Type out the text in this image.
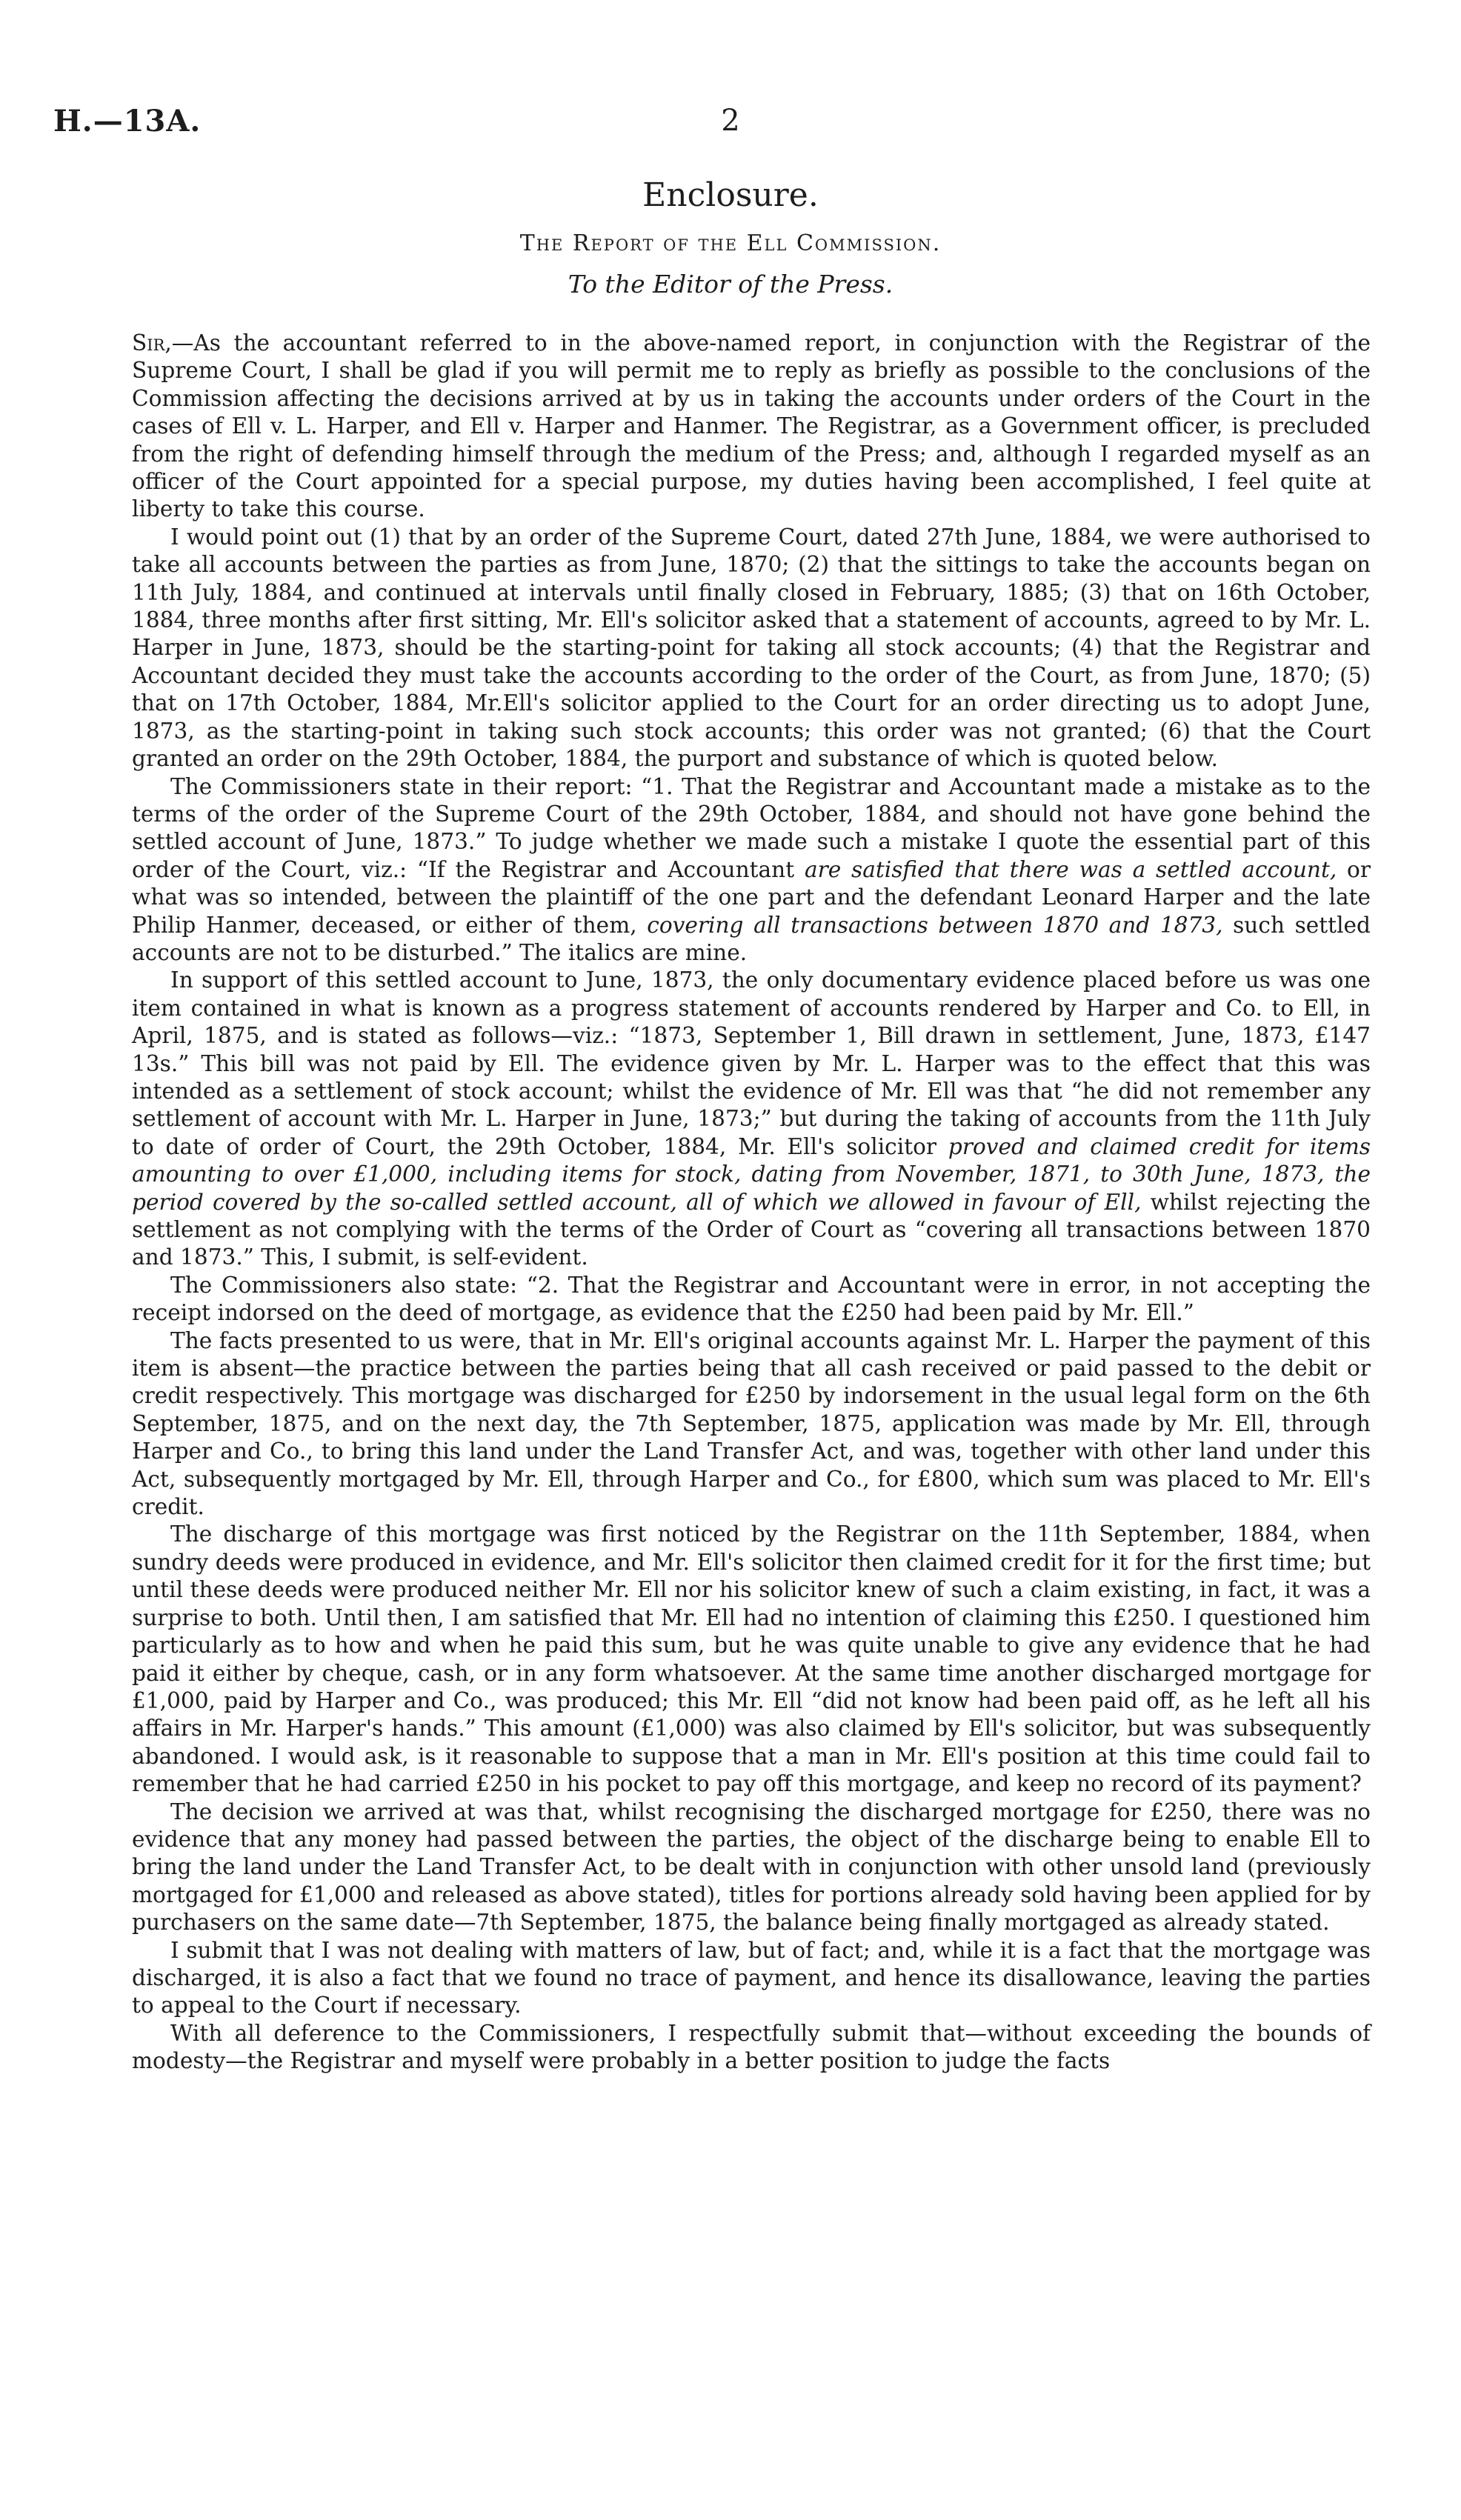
H.—13A.	2
Enclosure.
The Report of the Ell Commission.
To the Editor of the Press.

Sir,—As the accountant referred to in the above-named report, in conjunction with the Registrar of the Supreme Court, I shall be glad if you will permit me to reply as briefly as possible to the conclusions of the Commission affecting the decisions arrived at by us in taking the accounts under orders of the Court in the cases of Ell v. L. Harper, and Ell v. Harper and Hanmer. The Registrar, as a Government officer, is precluded from the right of defending himself through the medium of the Press; and, although I regarded myself as an officer of the Court appointed for a special purpose, my duties having been accomplished, I feel quite at liberty to take this course.

I would point out (1) that by an order of the Supreme Court, dated 27th June, 1884, we were authorised to take all accounts between the parties as from June, 1870; (2) that the sittings to take the accounts began on 11th July, 1884, and continued at intervals until finally closed in February, 1885; (3) that on 16th October, 1884, three months after first sitting, Mr. Ell's solicitor asked that a statement of accounts, agreed to by Mr. L. Harper in June, 1873, should be the starting-point for taking all stock accounts; (4) that the Registrar and Accountant decided they must take the accounts according to the order of the Court, as from June, 1870; (5) that on 17th October, 1884, Mr.Ell's solicitor applied to the Court for an order directing us to adopt June, 1873, as the starting-point in taking such stock accounts; this order was not granted; (6) that the Court granted an order on the 29th October, 1884, the purport and substance of which is quoted below.

The Commissioners state in their report: “1. That the Registrar and Accountant made a mistake as to the terms of the order of the Supreme Court of the 29th October, 1884, and should not have gone behind the settled account of June, 1873.” To judge whether we made such a mistake I quote the essential part of this order of the Court, viz.: “If the Registrar and Accountant are satisfied that there was a settled account, or what was so intended, between the plaintiff of the one part and the defendant Leonard Harper and the late Philip Hanmer, deceased, or either of them, covering all transactions between 1870 and 1873, such settled accounts are not to be disturbed.” The italics are mine.

In support of this settled account to June, 1873, the only documentary evidence placed before us was one item contained in what is known as a progress statement of accounts rendered by Harper and Co. to Ell, in April, 1875, and is stated as follows—viz.: “1873, September 1, Bill drawn in settlement, June, 1873, £147 13s.” This bill was not paid by Ell. The evidence given by Mr. L. Harper was to the effect that this was intended as a settlement of stock account; whilst the evidence of Mr. Ell was that “he did not remember any settlement of account with Mr. L. Harper in June, 1873;” but during the taking of accounts from the 11th July to date of order of Court, the 29th October, 1884, Mr. Ell's solicitor proved and claimed credit for items amounting to over £1,000, including items for stock, dating from November, 1871, to 30th June, 1873, the period covered by the so-called settled account, all of which we allowed in favour of Ell, whilst rejecting the settlement as not complying with the terms of the Order of Court as “covering all transactions between 1870 and 1873.” This, I submit, is self-evident.

The Commissioners also state: “2. That the Registrar and Accountant were in error, in not accepting the receipt indorsed on the deed of mortgage, as evidence that the £250 had been paid by Mr. Ell.”

The facts presented to us were, that in Mr. Ell's original accounts against Mr. L. Harper the payment of this item is absent—the practice between the parties being that all cash received or paid passed to the debit or credit respectively. This mortgage was discharged for £250 by indorsement in the usual legal form on the 6th September, 1875, and on the next day, the 7th September, 1875, application was made by Mr. Ell, through Harper and Co., to bring this land under the Land Transfer Act, and was, together with other land under this Act, subsequently mortgaged by Mr. Ell, through Harper and Co., for £800, which sum was placed to Mr. Ell's credit.

The discharge of this mortgage was first noticed by the Registrar on the 11th September, 1884, when sundry deeds were produced in evidence, and Mr. Ell's solicitor then claimed credit for it for the first time; but until these deeds were produced neither Mr. Ell nor his solicitor knew of such a claim existing, in fact, it was a surprise to both. Until then, I am satisfied that Mr. Ell had no intention of claiming this £250. I questioned him particularly as to how and when he paid this sum, but he was quite unable to give any evidence that he had paid it either by cheque, cash, or in any form whatsoever. At the same time another discharged mortgage for £1,000, paid by Harper and Co., was produced; this Mr. Ell “did not know had been paid off, as he left all his affairs in Mr. Harper's hands.” This amount (£1,000) was also claimed by Ell's solicitor, but was subsequently abandoned. I would ask, is it reasonable to suppose that a man in Mr. Ell's position at this time could fail to remember that he had carried £250 in his pocket to pay off this mortgage, and keep no record of its payment?

The decision we arrived at was that, whilst recognising the discharged mortgage for £250, there was no evidence that any money had passed between the parties, the object of the discharge being to enable Ell to bring the land under the Land Transfer Act, to be dealt with in conjunction with other unsold land (previously mortgaged for £1,000 and released as above stated), titles for portions already sold having been applied for by purchasers on the same date—7th September, 1875, the balance being finally mortgaged as already stated.

I submit that I was not dealing with matters of law, but of fact; and, while it is a fact that the mortgage was discharged, it is also a fact that we found no trace of payment, and hence its disallowance, leaving the parties to appeal to the Court if necessary.

With all deference to the Commissioners, I respectfully submit that—without exceeding the bounds of modesty—the Registrar and myself were probably in a better position to judge the facts
